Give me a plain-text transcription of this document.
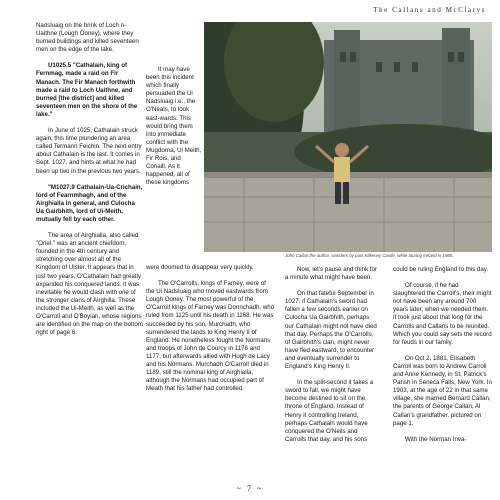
The Callans and McClarys

Nadsluaig on the brink of Loch n-Uaithne (Lough Ooney), where they burned buildings and killed seventeen men on the edge of the lake.

U1025.5 "Cathalain, king of Fernmag, made a raid on Fir Manach. The Fir Manach forthwith made a raid to Loch Uaithne, and burned [the district] and killed seventeen men on the shore of the lake."

In June of 1025, Cathalain struck again, this time plundering an area called Termann Feichin. The next entry about Cathalain is the last. It comes in Sept. 1027, and hints at what he had been up two in the previous two years.

"M1027.9 Cathalain-Ua-Crichain, lord of Fearnmhagh, and of the Airghialla in general, and Culocha Ua Gairbhith, lord of Ui-Meith, mutually fell by each other.

The area of Airghialla, also called "Oriel," was an ancient chiefdom, founded in the 4th century and stretching over almost all of the Kingdom of Ulster. It appears that in just two years, O'Cathalain had greatly expanded his conquered lands. It was inevitable he would clash with one of the stronger clans of Airghilla. These included the Ui-Meith, as well as the O'Carroll and O'Boylan, whose regions are identified on the map on the bottom right of page 6.

It may have been this incident which finally persuaded the Ui Nadsluaig i.e., the O'Neals, to look east-wards. This would bring them into immediate conflict with the Mugdorna, Ui Meith, Fir Rois, and Conaill. As it happened, all of these kingdoms

John Callan the author, wanders by past Kilkenny Castle, while touring Ireland in 1985.

were doomed to disappear very quickly.

The O'Carrolls, kings of Farney, were of the Ui Nadsluaig who moved eastwards from Lough Ooney. The most powerful of the O'Carroll kings of Farney was Donnchadh, who ruled from 1125 until his death in 1168. He was succeeded by his son, Murchadh, who surrendered the lands to King Henry II of England. He nonetheless fought the Normans and troops of John de Courcy in 1176 and 1177, but afterwards allied with Hugh de Lacy and his Normans. Murchadh O'Carroll died in 1189, still the nominal king of Airghialla, although the Normans had occupied part of Meath that his father had controlled.

Now, let's pause and think for a minute what might have been.

On that fateful September in 1027, if Cathalain's sword had fallen a few seconds earlier on Culocha Ua Gairbhith, perhaps our Cathalain might not have died that day. Perhaps the O'Carrolls, of Gairbhith's clan, might never have fled eastward, to encounter and eventually surrender to England's King Henry II.

In the split-second it takes a sword to fall, we might have become destined to sit on the throne of England. Instead of Henry II controlling Ireland, perhaps Cathalain would have conquered the O'Neils and Carrolls that day, and his sons

could be ruling England to this day.

Of course, if he had slaughtered the Carroll's, their might not have been any around 700 years later, when we needed them. It took just about that long for the Carrolls and Callans to be reunited. Which you could say sets the record for feuds in our family.

On Oct 2, 1881, Elisabeth Carroll was born to Andrew Carroll and Anne Kennedy, in St. Patrick's Parish in Seneca Falls, New York. In 1903, at the age of 22 in that same village, she married Bernard Callan, the parents of George Callan, Al Callan's grandfather, pictured on page 1.

With the Norman Inva-

~ 7 ~
